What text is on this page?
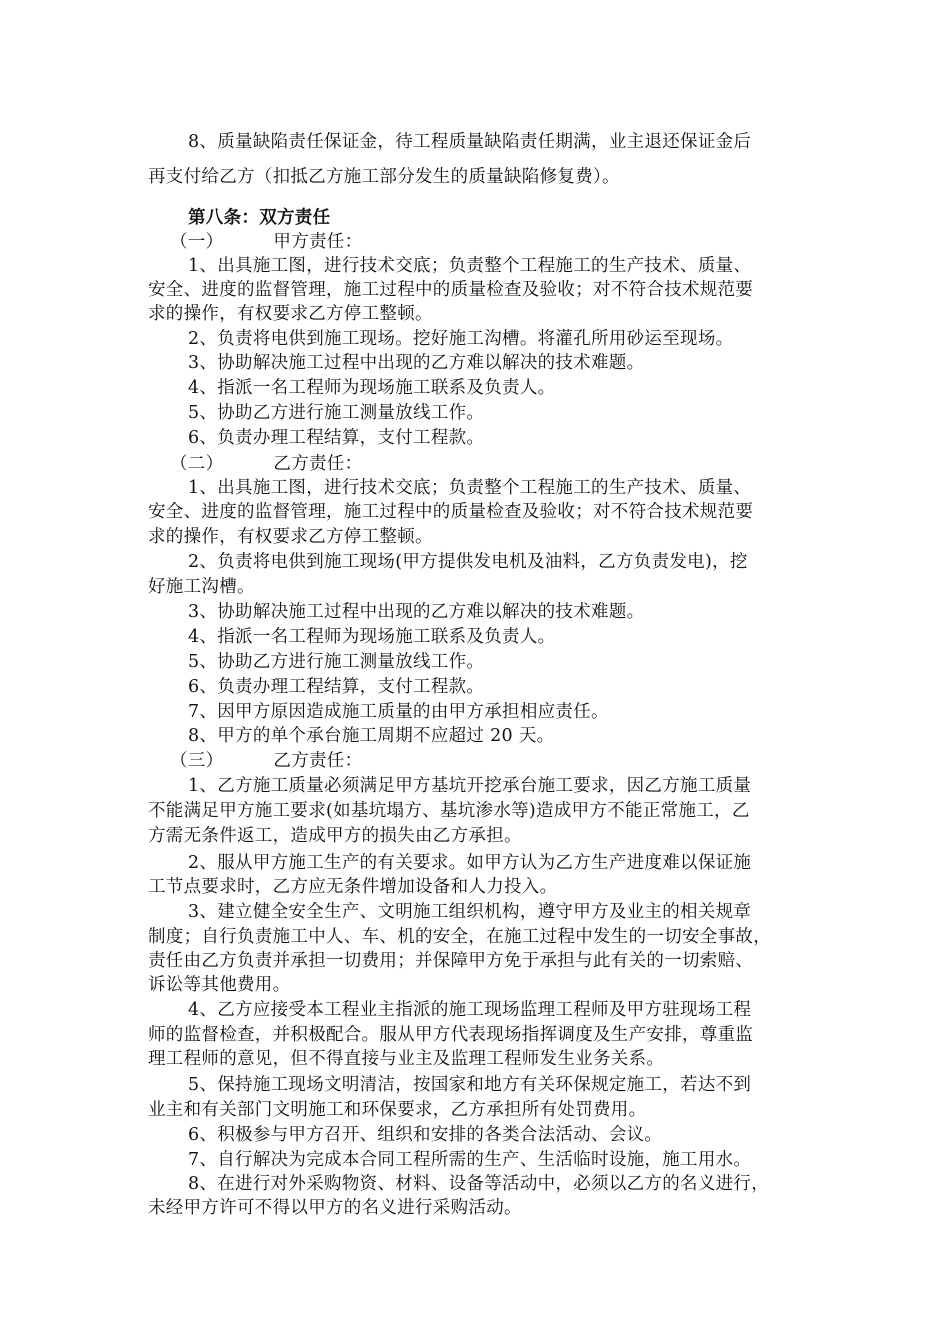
8、质量缺陷责任保证金，待工程质量缺陷责任期满，业主退还保证金后
再支付给乙方（扣抵乙方施工部分发生的质量缺陷修复费）。
第八条：双方责任
（一）	甲方责任：
1、出具施工图，进行技术交底；负责整个工程施工的生产技术、质量、
安全、进度的监督管理，施工过程中的质量检查及验收；对不符合技术规范要
求的操作，有权要求乙方停工整顿。
2、负责将电供到施工现场。挖好施工沟槽。将灌孔所用砂运至现场。
3、协助解决施工过程中出现的乙方难以解决的技术难题。
4、指派一名工程师为现场施工联系及负责人。
5、协助乙方进行施工测量放线工作。
6、负责办理工程结算，支付工程款。
（二）	乙方责任：
1、出具施工图，进行技术交底；负责整个工程施工的生产技术、质量、
安全、进度的监督管理，施工过程中的质量检查及验收；对不符合技术规范要
求的操作，有权要求乙方停工整顿。
2、负责将电供到施工现场(甲方提供发电机及油料，乙方负责发电)，挖
好施工沟槽。
3、协助解决施工过程中出现的乙方难以解决的技术难题。
4、指派一名工程师为现场施工联系及负责人。
5、协助乙方进行施工测量放线工作。
6、负责办理工程结算，支付工程款。
7、因甲方原因造成施工质量的由甲方承担相应责任。
8、甲方的单个承台施工周期不应超过 20 天。
（三）	乙方责任：
1、乙方施工质量必须满足甲方基坑开挖承台施工要求，因乙方施工质量
不能满足甲方施工要求(如基坑塌方、基坑渗水等)造成甲方不能正常施工，乙
方需无条件返工，造成甲方的损失由乙方承担。
2、服从甲方施工生产的有关要求。如甲方认为乙方生产进度难以保证施
工节点要求时，乙方应无条件增加设备和人力投入。
3、建立健全安全生产、文明施工组织机构，遵守甲方及业主的相关规章
制度；自行负责施工中人、车、机的安全，在施工过程中发生的一切安全事故，
责任由乙方负责并承担一切费用；并保障甲方免于承担与此有关的一切索赔、
诉讼等其他费用。
4、乙方应接受本工程业主指派的施工现场监理工程师及甲方驻现场工程
师的监督检查，并积极配合。服从甲方代表现场指挥调度及生产安排，尊重监
理工程师的意见，但不得直接与业主及监理工程师发生业务关系。
5、保持施工现场文明清洁，按国家和地方有关环保规定施工，若达不到
业主和有关部门文明施工和环保要求，乙方承担所有处罚费用。
6、积极参与甲方召开、组织和安排的各类合法活动、会议。
7、自行解决为完成本合同工程所需的生产、生活临时设施，施工用水。
8、在进行对外采购物资、材料、设备等活动中，必须以乙方的名义进行，
未经甲方许可不得以甲方的名义进行采购活动。
